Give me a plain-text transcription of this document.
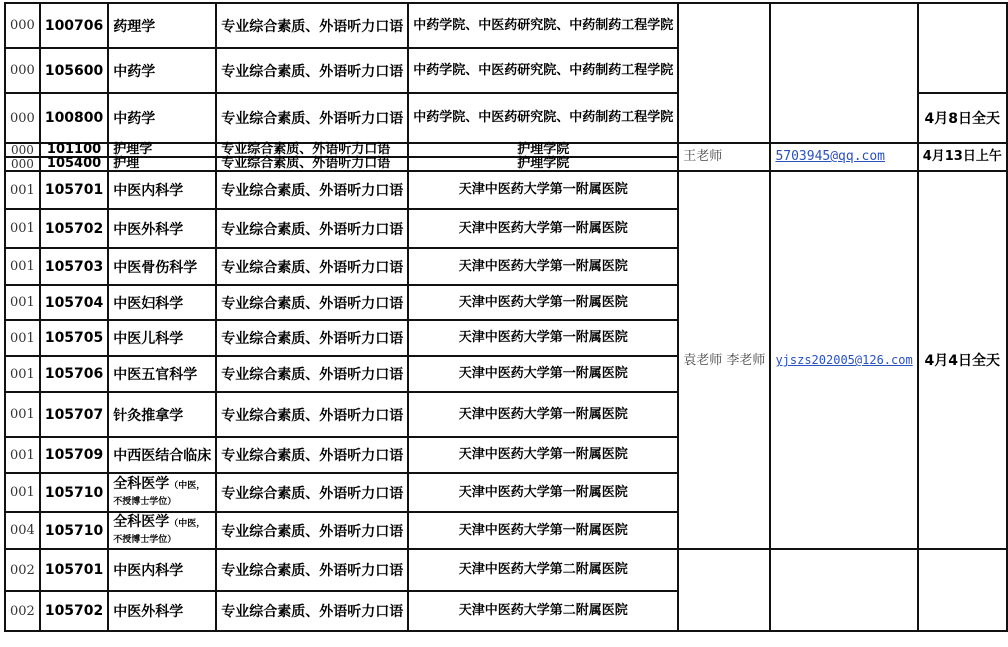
000	100706	药理学	专业综合素质、外语听力口语	中药学院、中医药研究院、中药制药工程学院			
000	105600	中药学	专业综合素质、外语听力口语	中药学院、中医药研究院、中药制药工程学院			
000	100800	中药学	专业综合素质、外语听力口语	中药学院、中医药研究院、中药制药工程学院			4月8日全天
000	101100	护理学	专业综合素质、外语听力口语	护理学院	王老师	5703945@qq.com	4月13日上午
000	105400	护理	专业综合素质、外语听力口语	护理学院			
001	105701	中医内科学	专业综合素质、外语听力口语	天津中医药大学第一附属医院	袁老师 李老师	yjszs202005@126.com	4月4日全天
001	105702	中医外科学	专业综合素质、外语听力口语	天津中医药大学第一附属医院			
001	105703	中医骨伤科学	专业综合素质、外语听力口语	天津中医药大学第一附属医院			
001	105704	中医妇科学	专业综合素质、外语听力口语	天津中医药大学第一附属医院			
001	105705	中医儿科学	专业综合素质、外语听力口语	天津中医药大学第一附属医院			
001	105706	中医五官科学	专业综合素质、外语听力口语	天津中医药大学第一附属医院			
001	105707	针灸推拿学	专业综合素质、外语听力口语	天津中医药大学第一附属医院			
001	105709	中西医结合临床	专业综合素质、外语听力口语	天津中医药大学第一附属医院			
001	105710	全科医学（中医，不授博士学位）	专业综合素质、外语听力口语	天津中医药大学第一附属医院			
004	105710	全科医学（中医，不授博士学位）	专业综合素质、外语听力口语	天津中医药大学第一附属医院			
002	105701	中医内科学	专业综合素质、外语听力口语	天津中医药大学第二附属医院			
002	105702	中医外科学	专业综合素质、外语听力口语	天津中医药大学第二附属医院			
